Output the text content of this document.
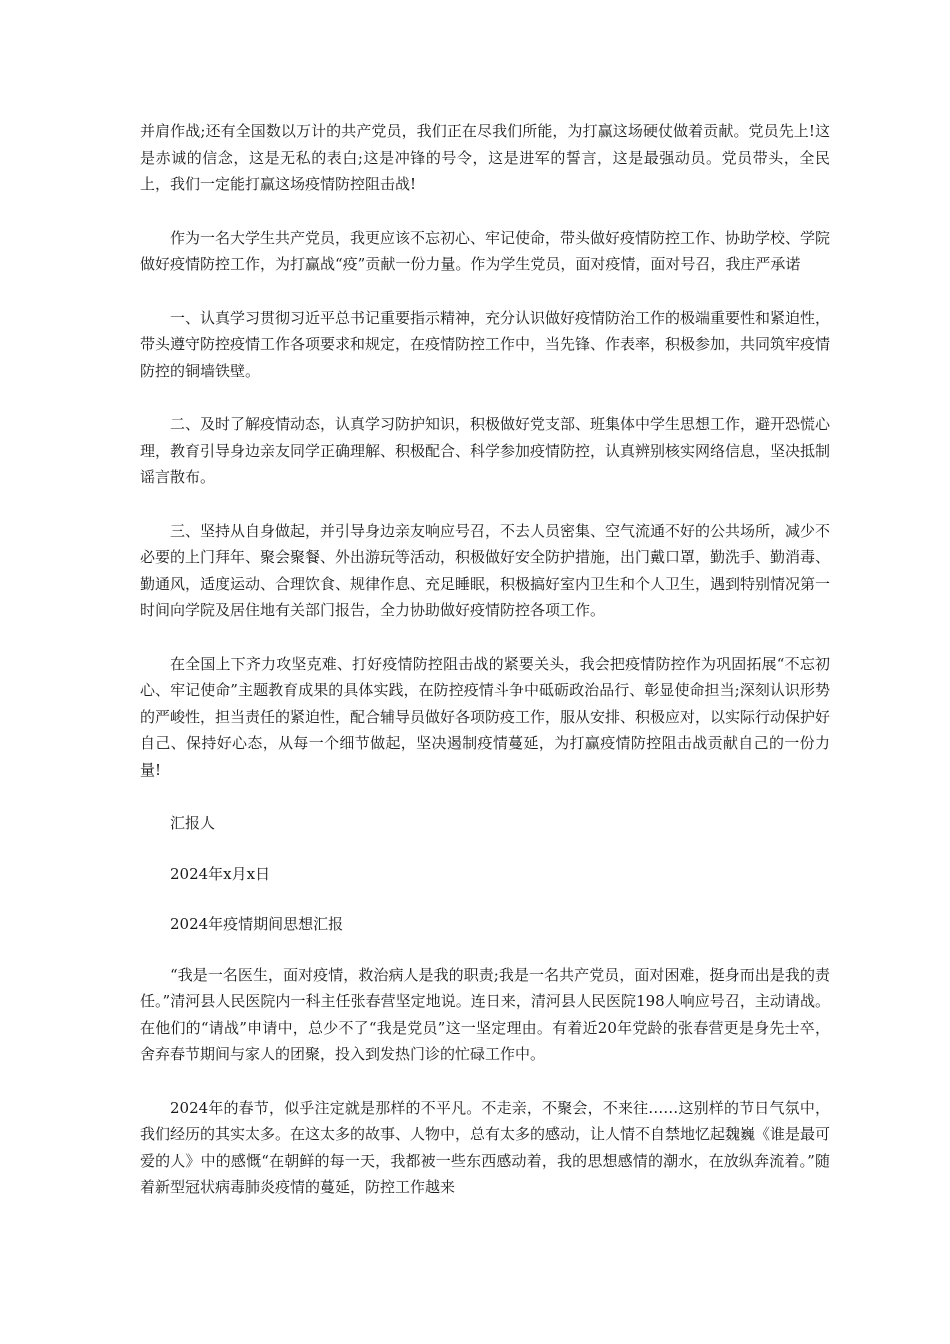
并肩作战;还有全国数以万计的共产党员，我们正在尽我们所能，为打赢这场硬仗做着贡献。党员先上!这是赤诚的信念，这是无私的表白;这是冲锋的号令，这是进军的誓言，这是最强动员。党员带头，全民上，我们一定能打赢这场疫情防控阻击战!

作为一名大学生共产党员，我更应该不忘初心、牢记使命，带头做好疫情防控工作、协助学校、学院做好疫情防控工作，为打赢战“疫”贡献一份力量。作为学生党员，面对疫情，面对号召，我庄严承诺

一、认真学习贯彻习近平总书记重要指示精神，充分认识做好疫情防治工作的极端重要性和紧迫性，带头遵守防控疫情工作各项要求和规定，在疫情防控工作中，当先锋、作表率，积极参加，共同筑牢疫情防控的铜墙铁壁。

二、及时了解疫情动态，认真学习防护知识，积极做好党支部、班集体中学生思想工作，避开恐慌心理，教育引导身边亲友同学正确理解、积极配合、科学参加疫情防控，认真辨别核实网络信息，坚决抵制谣言散布。

三、坚持从自身做起，并引导身边亲友响应号召，不去人员密集、空气流通不好的公共场所，减少不必要的上门拜年、聚会聚餐、外出游玩等活动，积极做好安全防护措施，出门戴口罩，勤洗手、勤消毒、勤通风，适度运动、合理饮食、规律作息、充足睡眠，积极搞好室内卫生和个人卫生，遇到特别情况第一时间向学院及居住地有关部门报告，全力协助做好疫情防控各项工作。

在全国上下齐力攻坚克难、打好疫情防控阻击战的紧要关头，我会把疫情防控作为巩固拓展“不忘初心、牢记使命”主题教育成果的具体实践，在防控疫情斗争中砥砺政治品行、彰显使命担当;深刻认识形势的严峻性，担当责任的紧迫性，配合辅导员做好各项防疫工作，服从安排、积极应对，以实际行动保护好自己、保持好心态，从每一个细节做起，坚决遏制疫情蔓延，为打赢疫情防控阻击战贡献自己的一份力量!

汇报人

2024年x月x日

2024年疫情期间思想汇报

“我是一名医生，面对疫情，救治病人是我的职责;我是一名共产党员，面对困难，挺身而出是我的责任。”清河县人民医院内一科主任张春营坚定地说。连日来，清河县人民医院198人响应号召，主动请战。在他们的“请战”申请中，总少不了“我是党员”这一坚定理由。有着近20年党龄的张春营更是身先士卒，舍弃春节期间与家人的团聚，投入到发热门诊的忙碌工作中。

2024年的春节，似乎注定就是那样的不平凡。不走亲，不聚会，不来往……这别样的节日气氛中，我们经历的其实太多。在这太多的故事、人物中，总有太多的感动，让人情不自禁地忆起魏巍《谁是最可爱的人》中的感慨“在朝鲜的每一天，我都被一些东西感动着，我的思想感情的潮水，在放纵奔流着。”随着新型冠状病毒肺炎疫情的蔓延，防控工作越来
